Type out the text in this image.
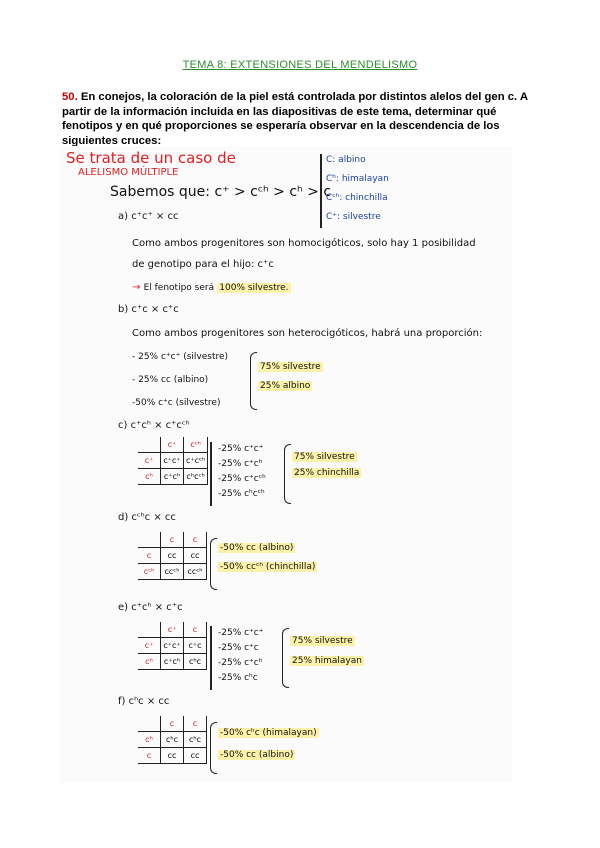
TEMA 8: EXTENSIONES DEL MENDELISMO
50. En conejos, la coloración de la piel está controlada por distintos alelos del gen c. A partir de la información incluida en las diapositivas de este tema, determinar qué fenotipos y en qué proporciones se esperaría observar en la descendencia de los siguientes cruces:
Se trata de un caso de
ALELISMO MÚLTIPLE
C: albino
Cʰ: himalayan
Cᶜʰ: chinchilla
C⁺: silvestre
Sabemos que: c⁺ > cᶜʰ > cʰ > c
a) c⁺c⁺ × cc
Como ambos progenitores son homocigóticos, solo hay 1 posibilidad
de genotipo para el hijo: c⁺c
→ El fenotipo será 100% silvestre.
b) c⁺c × c⁺c
Como ambos progenitores son heterocigóticos, habrá una proporción:
- 25% c⁺c⁺ (silvestre)
- 25% cc (albino)
-50% c⁺c (silvestre)
75% silvestre
25% albino
c) c⁺cʰ × c⁺cᶜʰ
	c⁺	cᶜʰ
c⁺	c⁺c⁺	c⁺cᶜʰ
cʰ	c⁺cʰ	cʰcᶜʰ
-25% c⁺c⁺
-25% c⁺cʰ
-25% c⁺cᶜʰ
-25% cʰcᶜʰ
75% silvestre
25% chinchilla
d) cᶜʰc × cc
	c	c
c	cc	cc
cᶜʰ	ccᶜʰ	ccᶜʰ
-50% cc (albino)
-50% ccᶜʰ (chinchilla)
e) c⁺cʰ × c⁺c
	c⁺	c
c⁺	c⁺c⁺	c⁺c
cʰ	c⁺cʰ	cʰc
-25% c⁺c⁺
-25% c⁺c
-25% c⁺cʰ
-25% cʰc
75% silvestre
25% himalayan
f) cʰc × cc
	c	c
cʰ	cʰc	cʰc
c	cc	cc
-50% cʰc (himalayan)
-50% cc (albino)
